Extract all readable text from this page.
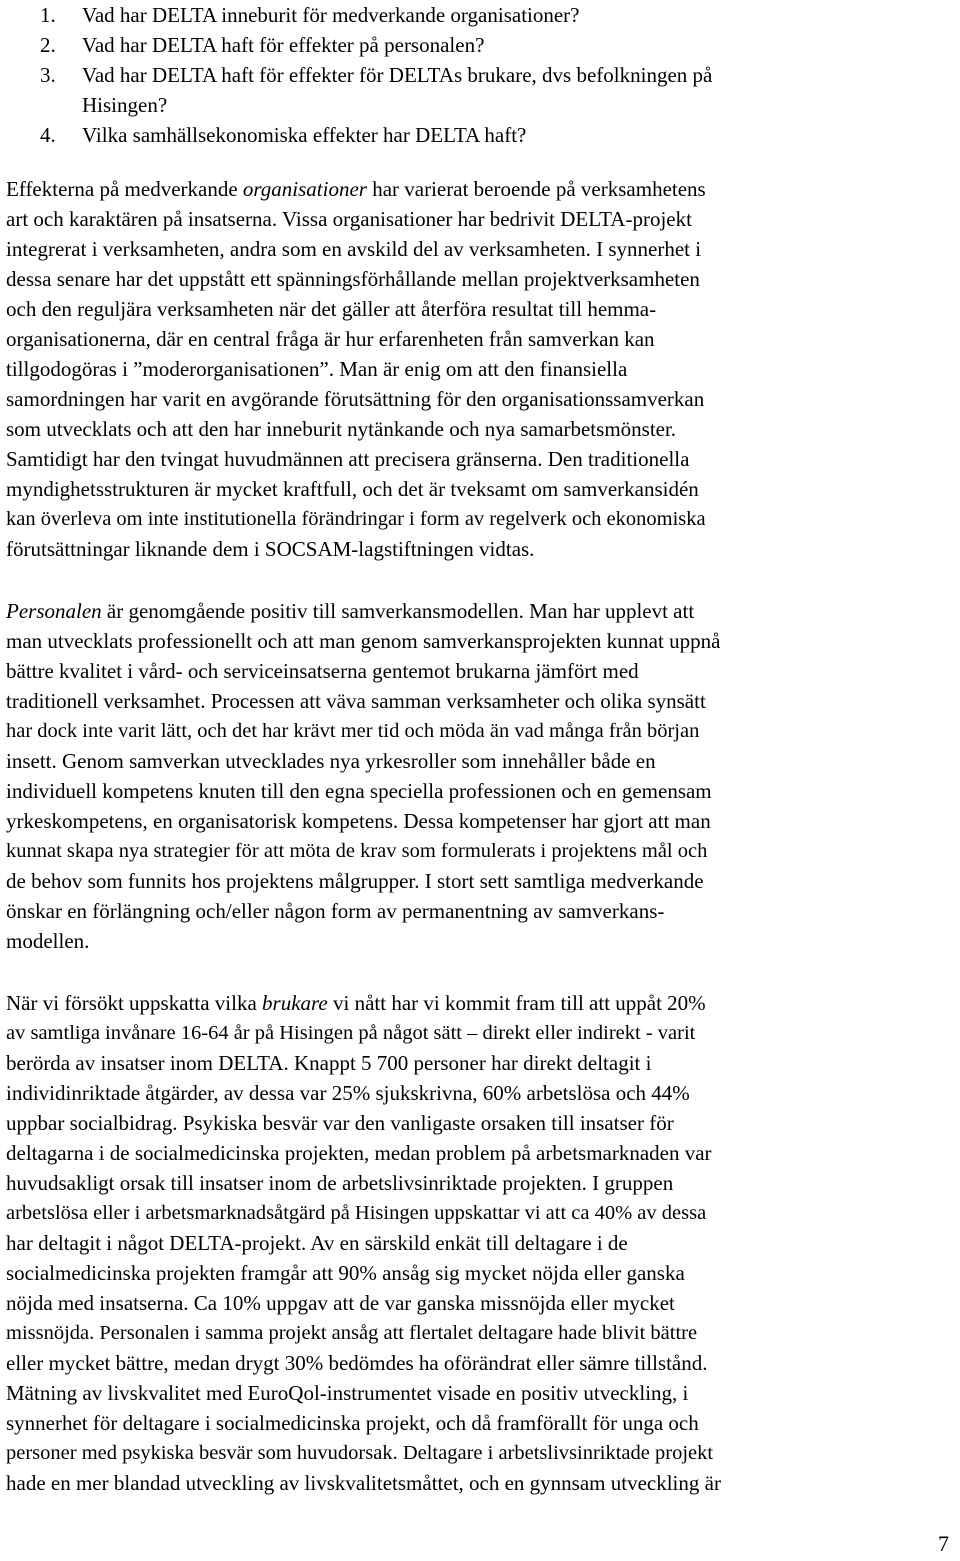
1. Vad har DELTA inneburit för medverkande organisationer?
2. Vad har DELTA haft för effekter på personalen?
3. Vad har DELTA haft för effekter för DELTAs brukare, dvs befolkningen på
Hisingen?
4. Vilka samhällsekonomiska effekter har DELTA haft?
Effekterna på medverkande organisationer har varierat beroende på verksamhetens
art och karaktären på insatserna. Vissa organisationer har bedrivit DELTA-projekt
integrerat i verksamheten, andra som en avskild del av verksamheten. I synnerhet i
dessa senare har det uppstått ett spänningsförhållande mellan projektverksamheten
och den reguljära verksamheten när det gäller att återföra resultat till hemma-
organisationerna, där en central fråga är hur erfarenheten från samverkan kan
tillgodogöras i ”moderorganisationen”. Man är enig om att den finansiella
samordningen har varit en avgörande förutsättning för den organisationssamverkan
som utvecklats och att den har inneburit nytänkande och nya samarbetsmönster.
Samtidigt har den tvingat huvudmännen att precisera gränserna. Den traditionella
myndighetsstrukturen är mycket kraftfull, och det är tveksamt om samverkansidén
kan överleva om inte institutionella förändringar i form av regelverk och ekonomiska
förutsättningar liknande dem i SOCSAM-lagstiftningen vidtas.
Personalen är genomgående positiv till samverkansmodellen. Man har upplevt att
man utvecklats professionellt och att man genom samverkansprojekten kunnat uppnå
bättre kvalitet i vård- och serviceinsatserna gentemot brukarna jämfört med
traditionell verksamhet. Processen att väva samman verksamheter och olika synsätt
har dock inte varit lätt, och det har krävt mer tid och möda än vad många från början
insett. Genom samverkan utvecklades nya yrkesroller som innehåller både en
individuell kompetens knuten till den egna speciella professionen och en gemensam
yrkeskompetens, en organisatorisk kompetens. Dessa kompetenser har gjort att man
kunnat skapa nya strategier för att möta de krav som formulerats i projektens mål och
de behov som funnits hos projektens målgrupper. I stort sett samtliga medverkande
önskar en förlängning och/eller någon form av permanentning av samverkans-
modellen.
När vi försökt uppskatta vilka brukare vi nått har vi kommit fram till att uppåt 20%
av samtliga invånare 16-64 år på Hisingen på något sätt – direkt eller indirekt - varit
berörda av insatser inom DELTA. Knappt 5 700 personer har direkt deltagit i
individinriktade åtgärder, av dessa var 25% sjukskrivna, 60% arbetslösa och 44%
uppbar socialbidrag. Psykiska besvär var den vanligaste orsaken till insatser för
deltagarna i de socialmedicinska projekten, medan problem på arbetsmarknaden var
huvudsakligt orsak till insatser inom de arbetslivsinriktade projekten. I gruppen
arbetslösa eller i arbetsmarknadsåtgärd på Hisingen uppskattar vi att ca 40% av dessa
har deltagit i något DELTA-projekt. Av en särskild enkät till deltagare i de
socialmedicinska projekten framgår att 90% ansåg sig mycket nöjda eller ganska
nöjda med insatserna. Ca 10% uppgav att de var ganska missnöjda eller mycket
missnöjda. Personalen i samma projekt ansåg att flertalet deltagare hade blivit bättre
eller mycket bättre, medan drygt 30% bedömdes ha oförändrat eller sämre tillstånd.
Mätning av livskvalitet med EuroQol-instrumentet visade en positiv utveckling, i
synnerhet för deltagare i socialmedicinska projekt, och då framförallt för unga och
personer med psykiska besvär som huvudorsak. Deltagare i arbetslivsinriktade projekt
hade en mer blandad utveckling av livskvalitetsmåttet, och en gynnsam utveckling är
7
